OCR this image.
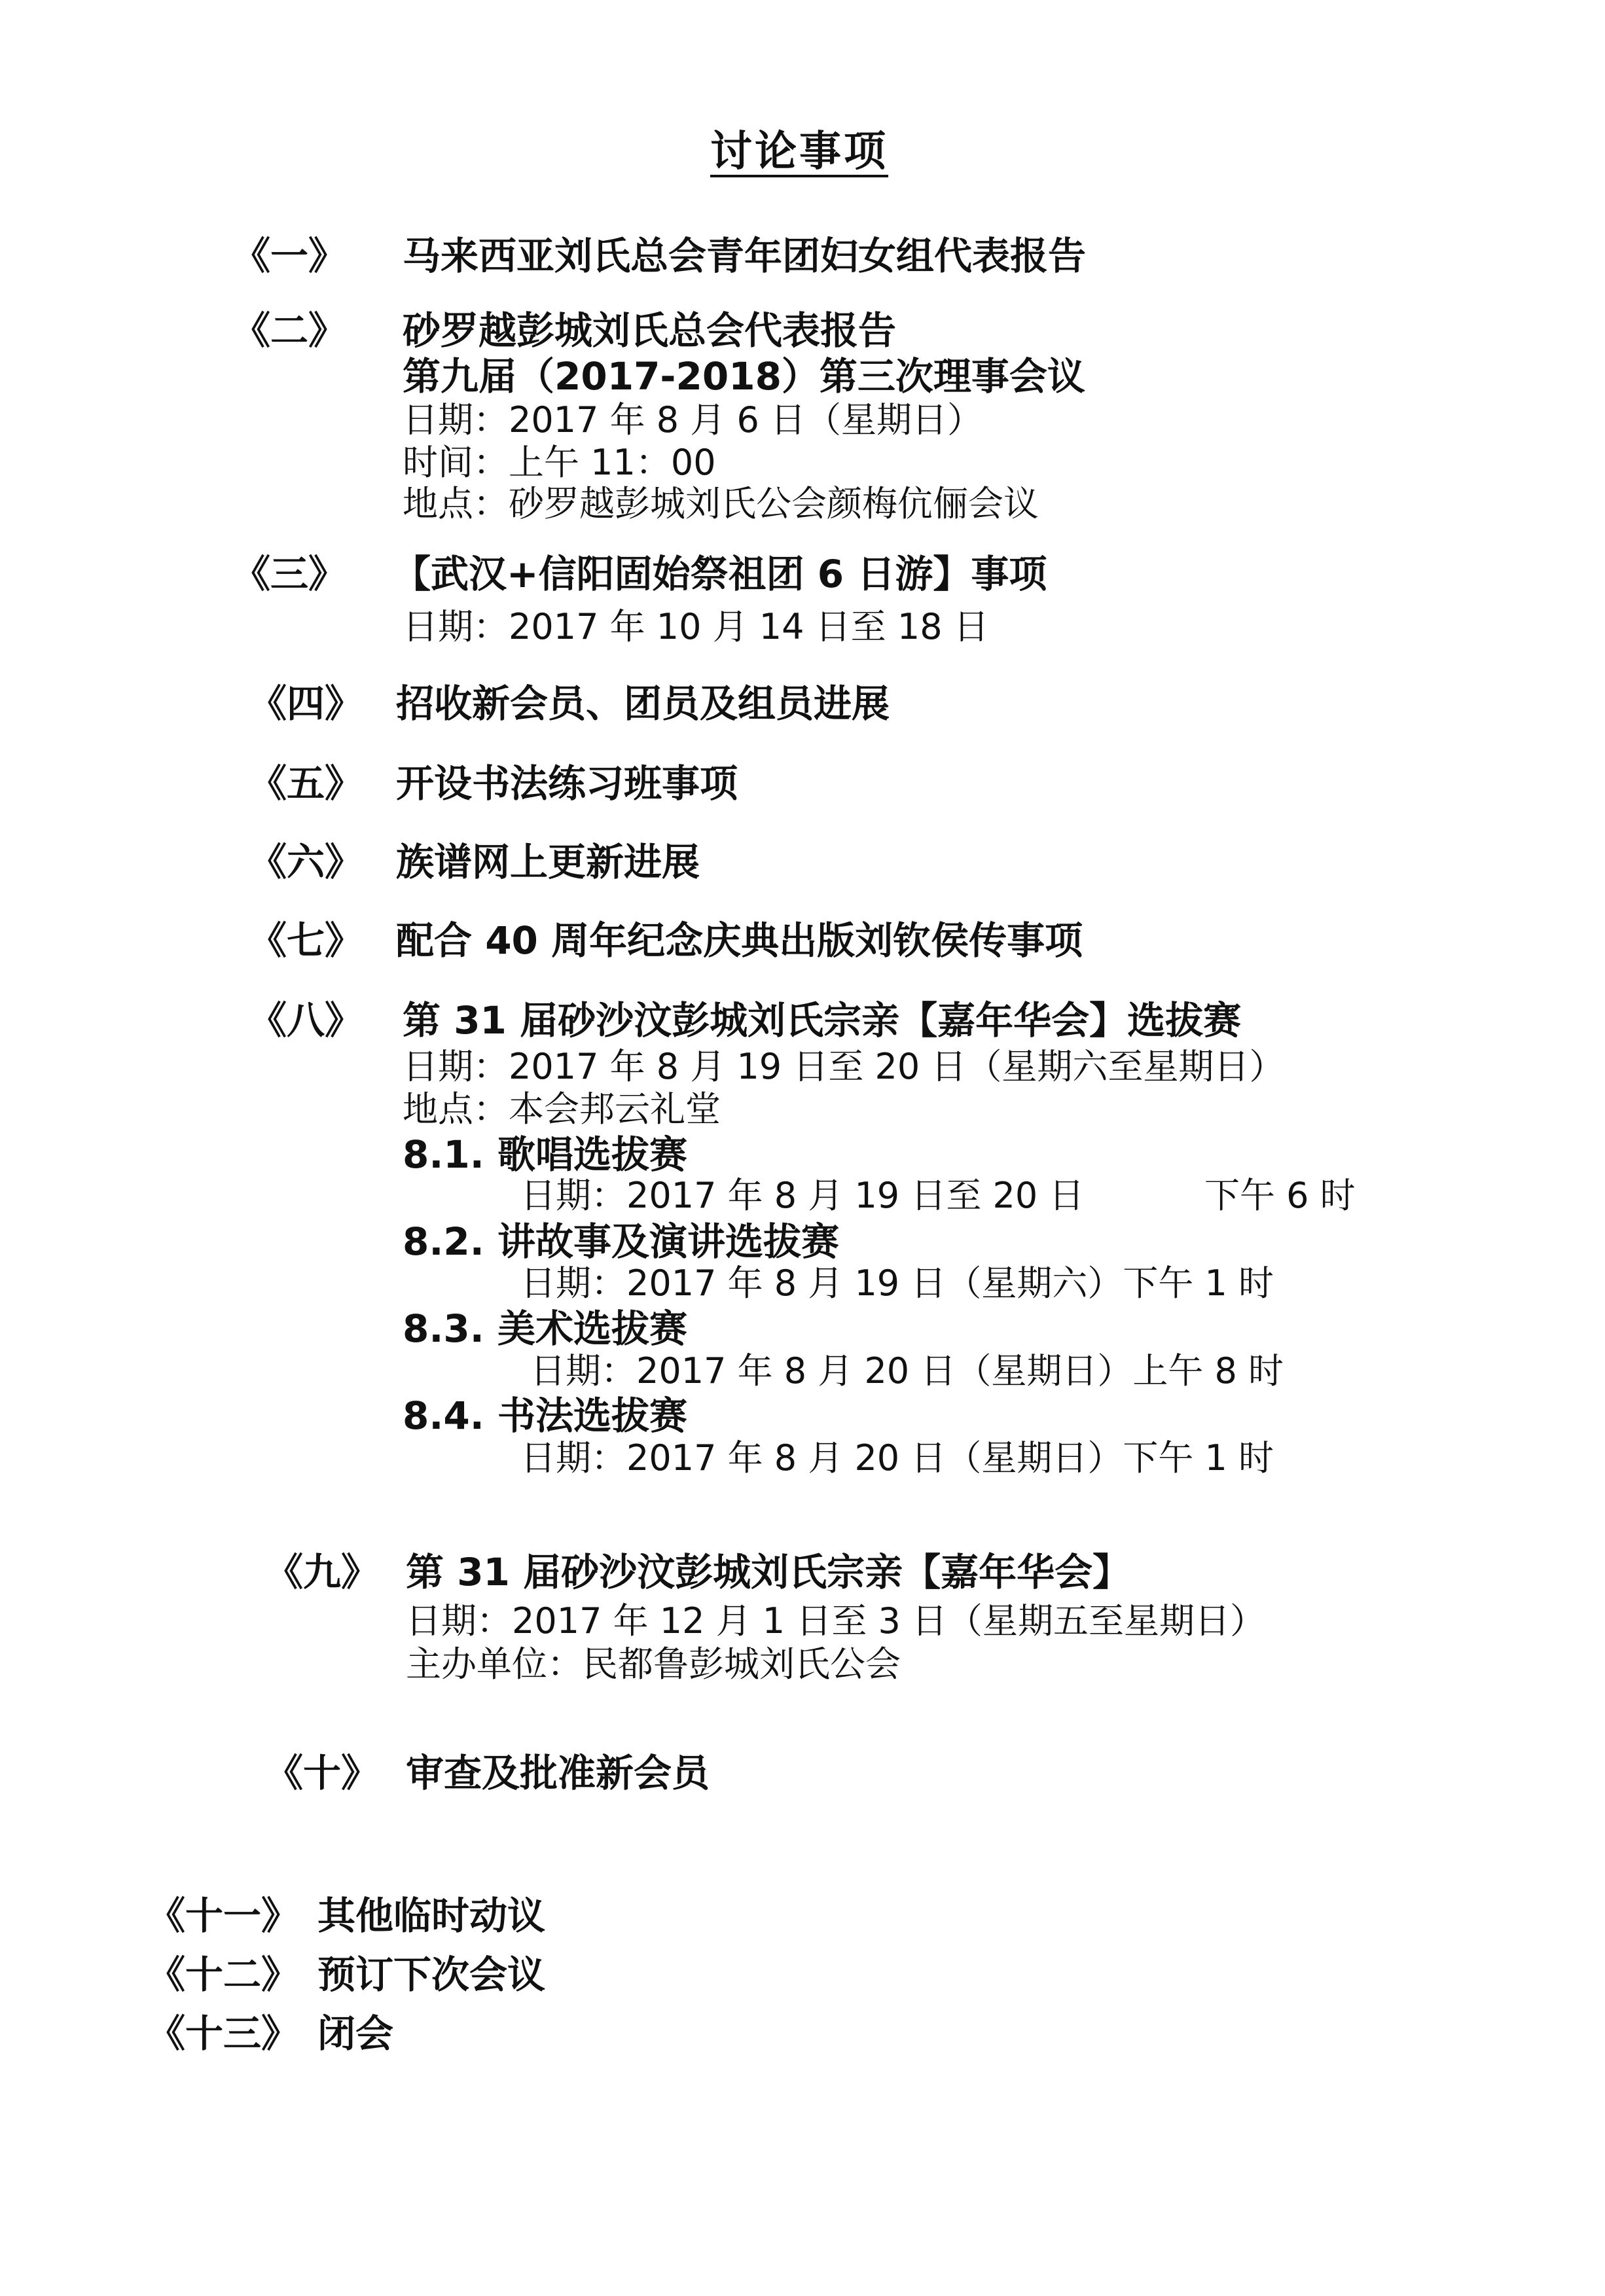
讨论事项
《一》 马来西亚刘氏总会青年团妇女组代表报告
《二》 砂罗越彭城刘氏总会代表报告
第九届（2017-2018）第三次理事会议
日期：2017 年 8 月 6 日（星期日）
时间：上午 11：00
地点：砂罗越彭城刘氏公会颜梅伉俪会议
《三》 【武汉+信阳固始祭祖团 6 日游】事项
日期：2017 年 10 月 14 日至 18 日
《四》 招收新会员、团员及组员进展
《五》 开设书法练习班事项
《六》 族谱网上更新进展
《七》 配合 40 周年纪念庆典出版刘钦侯传事项
《八》 第 31 届砂沙汶彭城刘氏宗亲【嘉年华会】选拔赛
日期：2017 年 8 月 19 日至 20 日（星期六至星期日）
地点：本会邦云礼堂
8.1. 歌唱选拔赛
日期：2017 年 8 月 19 日至 20 日	下午 6 时
8.2. 讲故事及演讲选拔赛
日期：2017 年 8 月 19 日（星期六）下午 1 时
8.3. 美术选拔赛
日期：2017 年 8 月 20 日（星期日）上午 8 时
8.4. 书法选拔赛
日期：2017 年 8 月 20 日（星期日）下午 1 时
《九》 第 31 届砂沙汶彭城刘氏宗亲【嘉年华会】
日期：2017 年 12 月 1 日至 3 日（星期五至星期日）
主办单位：民都鲁彭城刘氏公会
《十》 审查及批准新会员
《十一》 其他临时动议
《十二》 预订下次会议
《十三》 闭会
